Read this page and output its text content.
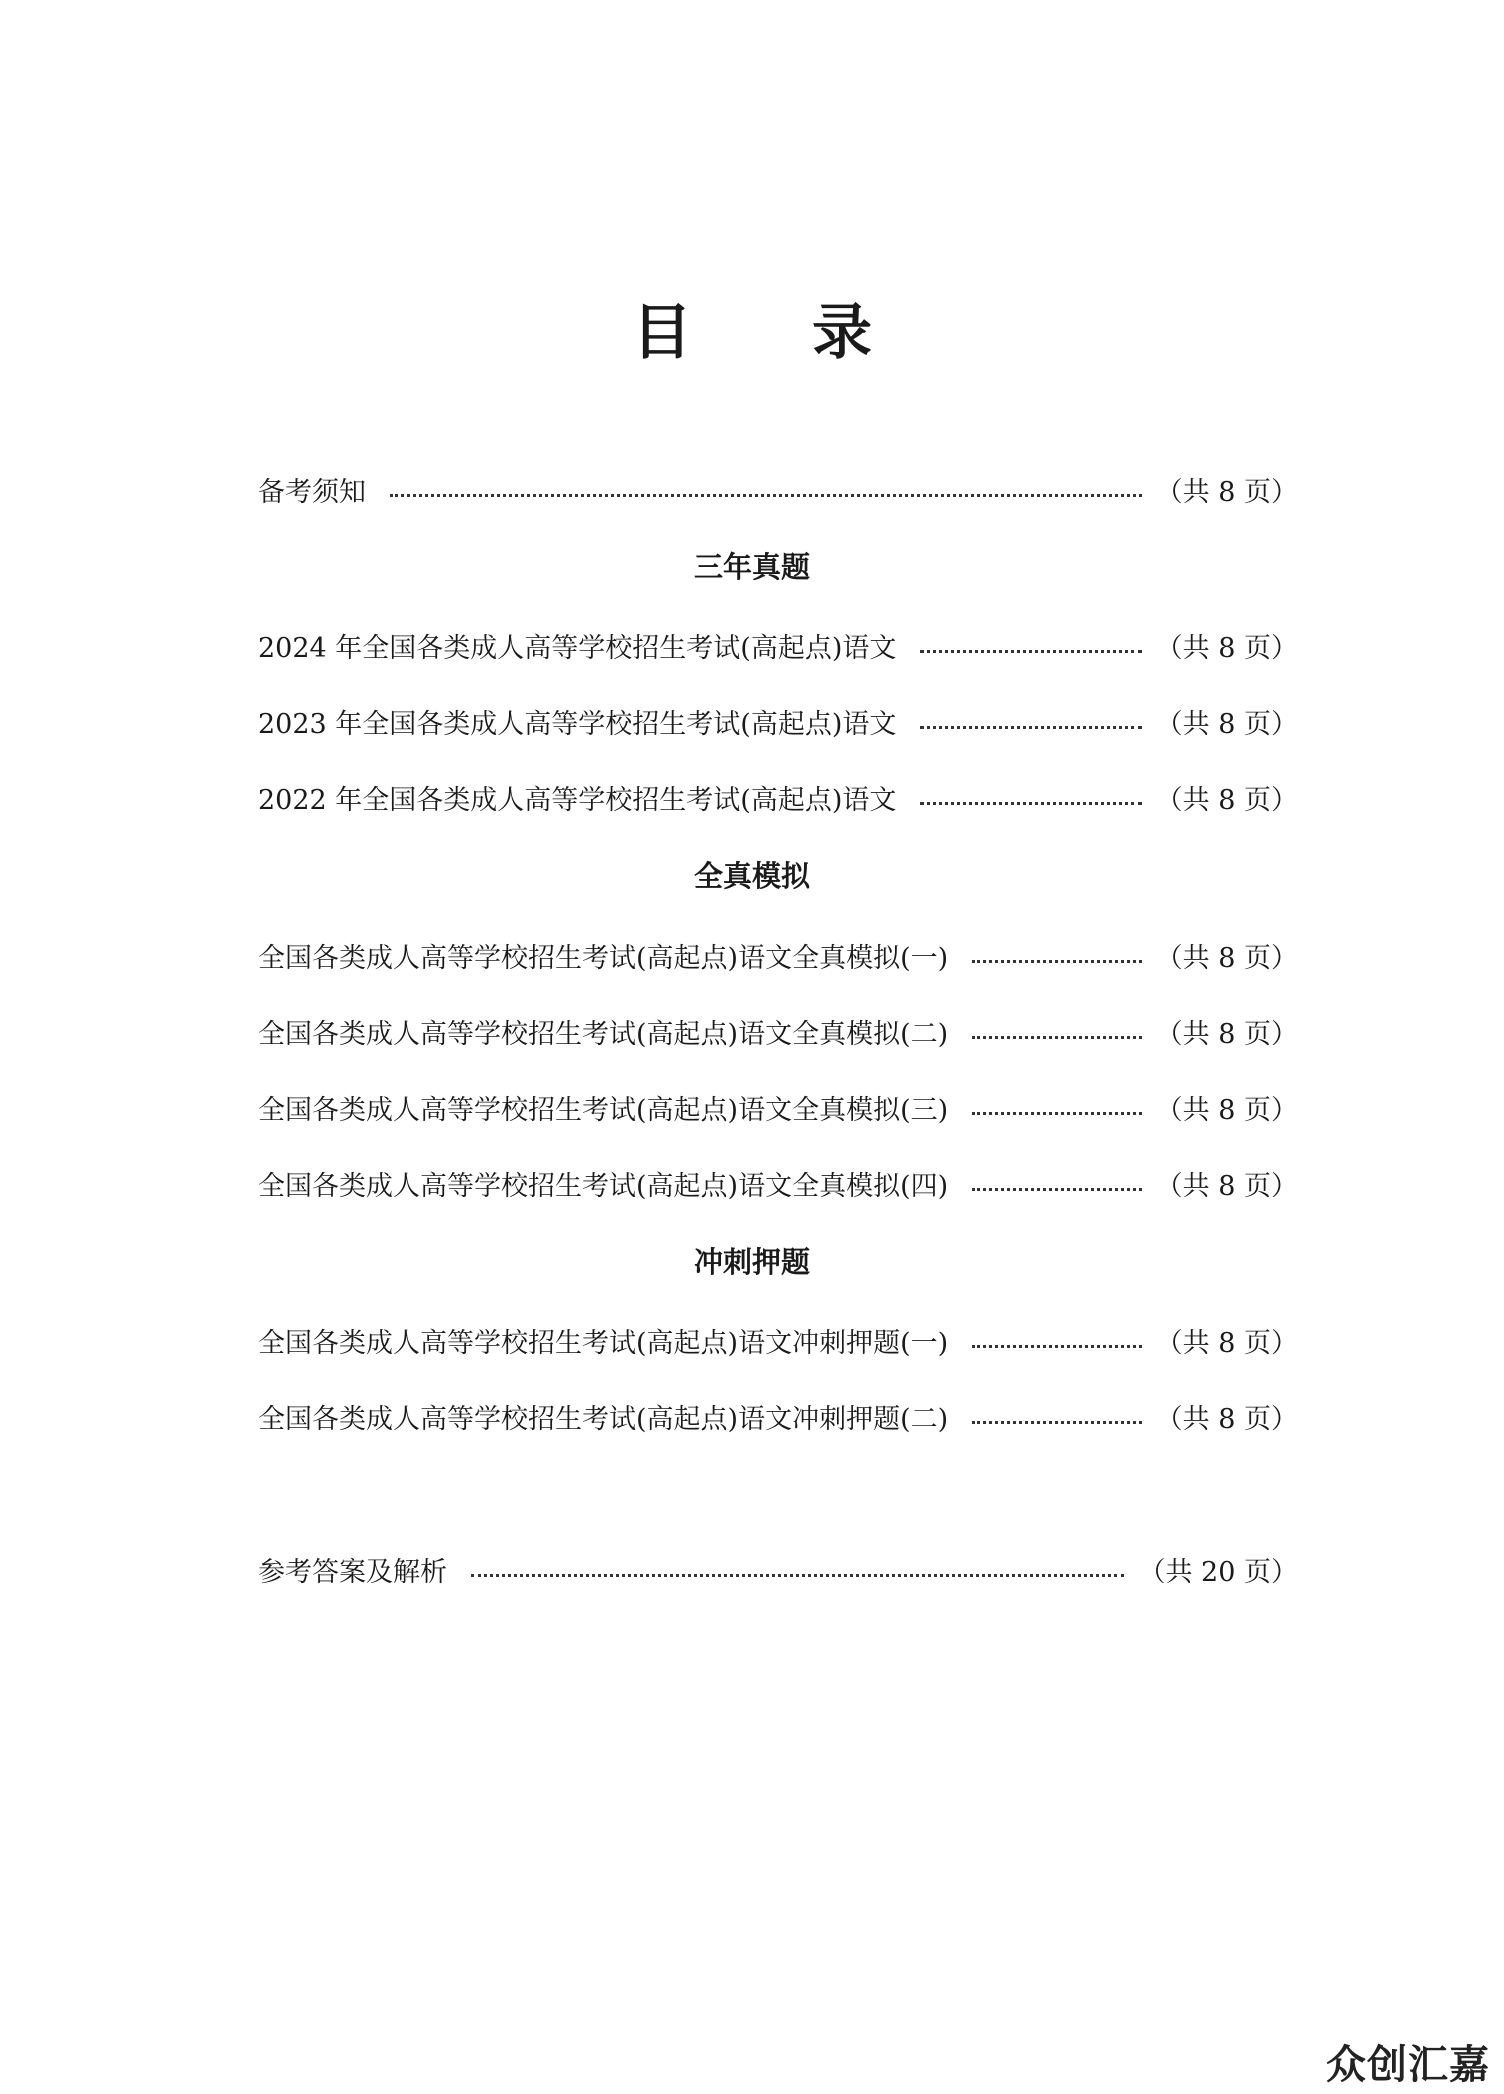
目 录
备考须知	（共 8 页）
三年真题
2024 年全国各类成人高等学校招生考试(高起点)语文	（共 8 页）
2023 年全国各类成人高等学校招生考试(高起点)语文	（共 8 页）
2022 年全国各类成人高等学校招生考试(高起点)语文	（共 8 页）
全真模拟
全国各类成人高等学校招生考试(高起点)语文全真模拟(一)	（共 8 页）
全国各类成人高等学校招生考试(高起点)语文全真模拟(二)	（共 8 页）
全国各类成人高等学校招生考试(高起点)语文全真模拟(三)	（共 8 页）
全国各类成人高等学校招生考试(高起点)语文全真模拟(四)	（共 8 页）
冲刺押题
全国各类成人高等学校招生考试(高起点)语文冲刺押题(一)	（共 8 页）
全国各类成人高等学校招生考试(高起点)语文冲刺押题(二)	（共 8 页）
参考答案及解析	（共 20 页）
众创汇嘉
